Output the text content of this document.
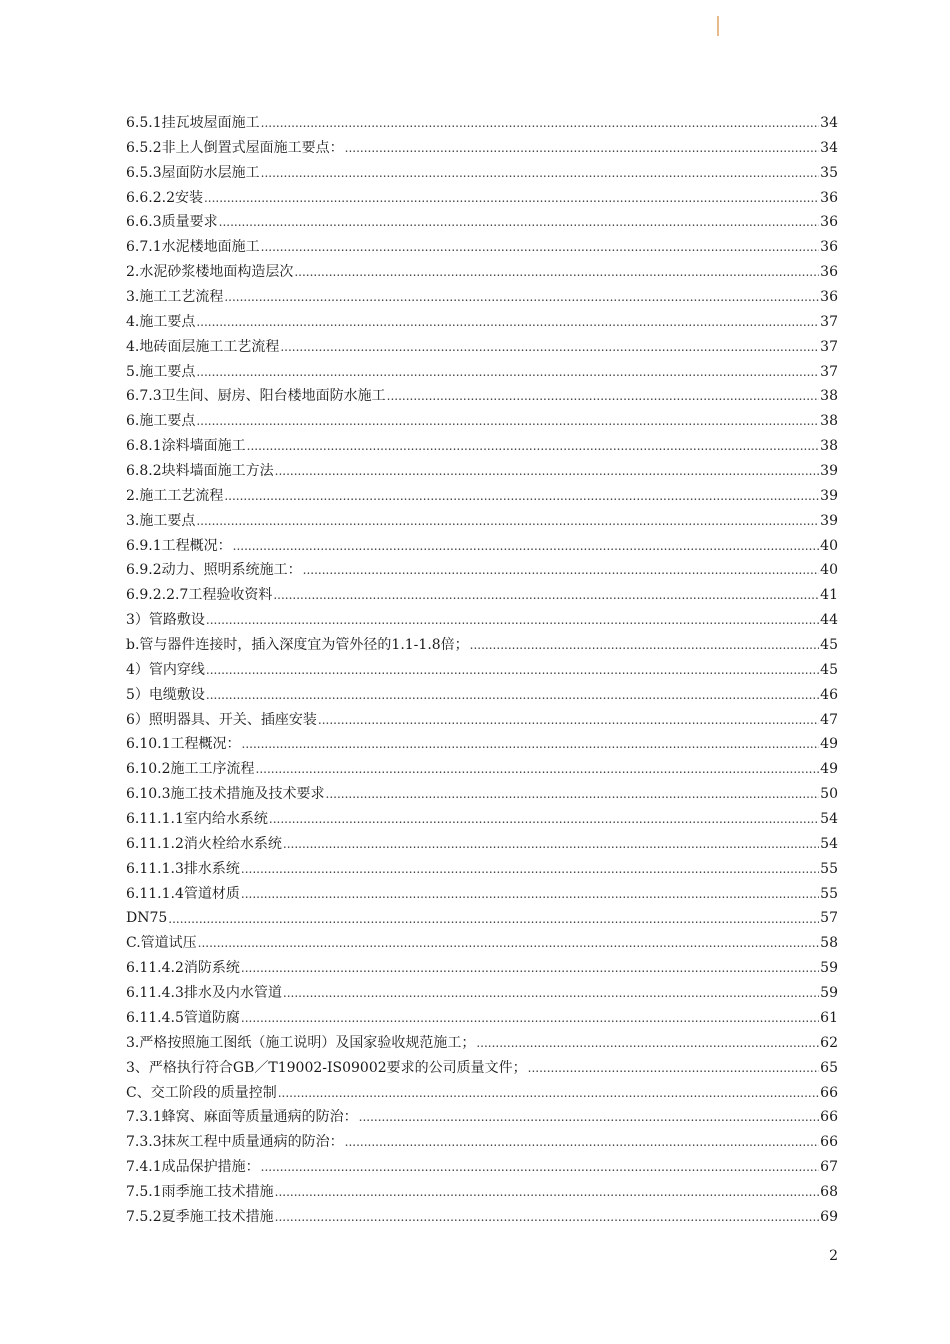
6.5.1挂瓦坡屋面施工 .....	34
6.5.2非上人倒置式屋面施工要点： .....	34
6.5.3屋面防水层施工 .....	35
6.6.2.2安装 .....	36
6.6.3质量要求 .....	36
6.7.1水泥楼地面施工 .....	36
2.水泥砂浆楼地面构造层次 .....	36
3.施工工艺流程 .....	36
4.施工要点 .....	37
4.地砖面层施工工艺流程 .....	37
5.施工要点 .....	37
6.7.3卫生间、厨房、阳台楼地面防水施工 .....	38
6.施工要点 .....	38
6.8.1涂料墙面施工 .....	38
6.8.2块料墙面施工方法 .....	39
2.施工工艺流程 .....	39
3.施工要点 .....	39
6.9.1工程概况： .....	40
6.9.2动力、照明系统施工： .....	40
6.9.2.2.7工程验收资料 .....	41
3）管路敷设 .....	44
b.管与器件连接时，插入深度宜为管外径的1.1-1.8倍； .....	45
4）管内穿线 .....	45
5）电缆敷设 .....	46
6）照明器具、开关、插座安装 .....	47
6.10.1工程概况： .....	49
6.10.2施工工序流程 .....	49
6.10.3施工技术措施及技术要求 .....	50
6.11.1.1室内给水系统 .....	54
6.11.1.2消火栓给水系统 .....	54
6.11.1.3排水系统 .....	55
6.11.1.4管道材质 .....	55
DN75 .....	57
C.管道试压 .....	58
6.11.4.2消防系统 .....	59
6.11.4.3排水及内水管道 .....	59
6.11.4.5管道防腐 .....	61
3.严格按照施工图纸（施工说明）及国家验收规范施工； .....	62
3、严格执行符合GB／T19002-IS09002要求的公司质量文件； .....	65
C、交工阶段的质量控制 .....	66
7.3.1蜂窝、麻面等质量通病的防治： .....	66
7.3.3抹灰工程中质量通病的防治： .....	66
7.4.1成品保护措施： .....	67
7.5.1雨季施工技术措施 .....	68
7.5.2夏季施工技术措施 .....	69
2
